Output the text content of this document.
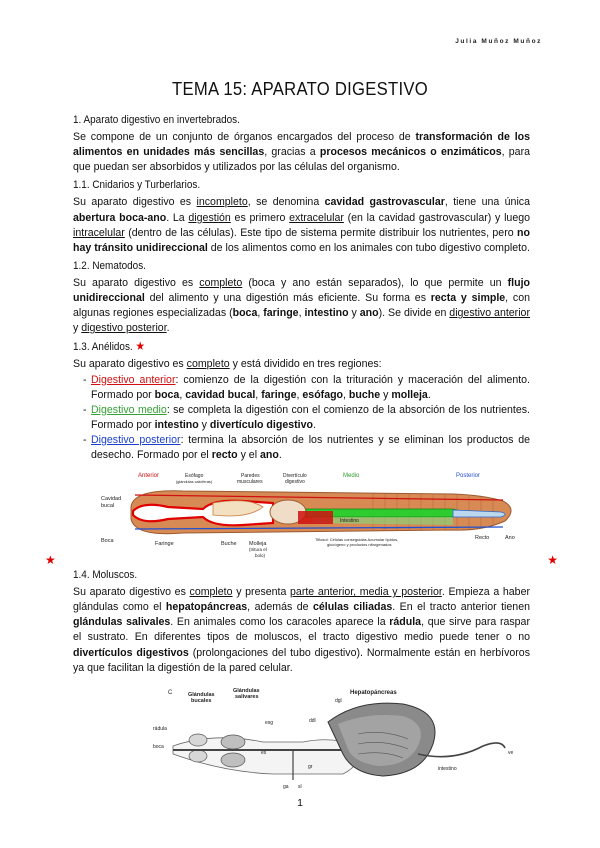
Julia Muñoz Muñoz
TEMA 15: APARATO DIGESTIVO
1. Aparato digestivo en invertebrados.

Se compone de un conjunto de órganos encargados del proceso de transformación de los alimentos en unidades más sencillas, gracias a procesos mecánicos o enzimáticos, para que puedan ser absorbidos y utilizados por las células del organismo.

1.1. Cnidarios y Turberlarios.

Su aparato digestivo es incompleto, se denomina cavidad gastrovascular, tiene una única abertura boca-ano. La digestión es primero extracelular (en la cavidad gastrovascular) y luego intracelular (dentro de las células). Este tipo de sistema permite distribuir los nutrientes, pero no hay tránsito unidireccional de los alimentos como en los animales con tubo digestivo completo.

1.2. Nematodos.

Su aparato digestivo es completo (boca y ano están separados), lo que permite un flujo unidireccional del alimento y una digestión más eficiente. Su forma es recta y simple, con algunas regiones especializadas (boca, faringe, intestino y ano). Se divide en digestivo anterior y digestivo posterior.

1.3. Anélidos. ★

Su aparato digestivo es completo y está dividido en tres regiones:

- Digestivo anterior: comienzo de la digestión con la trituración y maceración del alimento. Formado por boca, cavidad bucal, faringe, esófago, buche y molleja.
- Digestivo medio: se completa la digestión con el comienzo de la absorción de los nutrientes. Formado por intestino y divertículo digestivo.
- Digestivo posterior: termina la absorción de los nutrientes y se eliminan los productos de desecho. Formado por el recto y el ano.
Anterior	Medio	Posterior
Esófago
(glándulas calcíferas)
Paredes
musculares
Divertículo
digestivo
Cavidad
bucal
Boca	Faringe	Buche Molleja
(tritura el
bolo)
Intestino
Tiflosol: Células conseguidas Acumular lípidos,
glucógeno y productos nitrogenados
Recto	Ano
★	★
1.4. Moluscos.

Su aparato digestivo es completo y presenta parte anterior, media y posterior. Empieza a haber glándulas como el hepatopáncreas, además de células ciliadas. En el tracto anterior tienen glándulas salivales. En animales como los caracoles aparece la rádula, que sirve para raspar el sustrato. En diferentes tipos de moluscos, el tracto digestivo medio puede tener o no divertículos digestivos (prolongaciones del tubo digestivo). Normalmente están en herbívoros ya que facilitan la digestión de la pared celular.

C	Glándulas
bucales
Glándulas
salivares
Hepatopáncreas
rádula
boca
esg	ddl
dgl
es
gr
ga sl
intestino
ve
1
